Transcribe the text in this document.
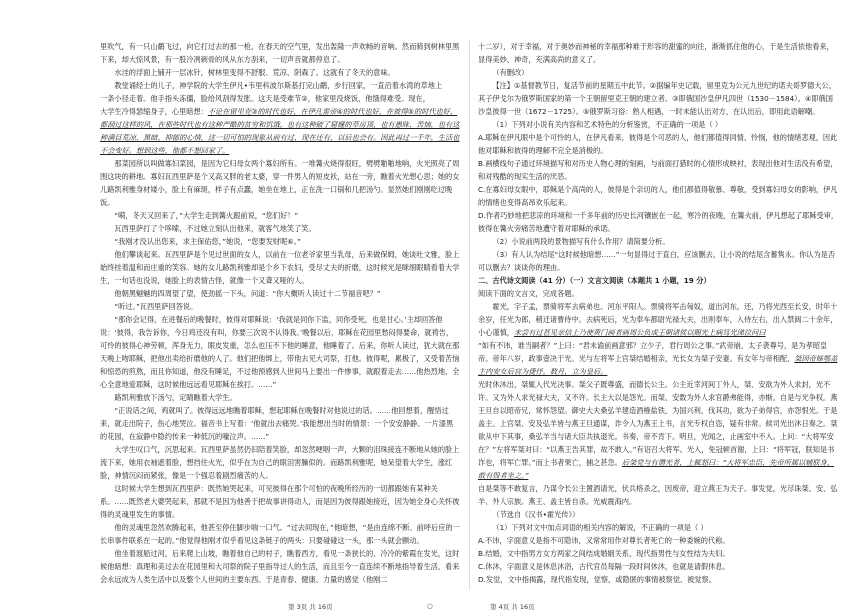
里吹气，有一只山鹬飞过，向它打过去的那一枪，在春天的空气里，发出轰隆一声欢畅的音响。然而骑到树林里黑下来，却大惊风景，有一股冷冽刺骨的风从东方刮来，一切声音就都停息了。

水洼的浮面上铺开一层冰针，树林里变得不舒服、荒凉、阴森了。这就有了冬天的意味。

教堂诵经士的儿子，神学院的大学生伊凡•韦里科波尔斯基打完山鹬，步行回家，一直沿着水湾的草地上

一条小径走着。他手指头冻僵，脸给风刮得发胀。这天是受难节②，他家里没烧饭，他饿得难受。现在，

大学生冷得瑟缩身子，心里暗想：不论在留里克③的时代也好，在伊凡雷帝④的时代也好，在彼得⑤的时代也好，都刮过这样的风，在那些时代也有这种严酷的贫穷和饥饿，也有这种破了窟窿的草房顶，也有愚昧、苦恼，也有这种满目荒凉、黑暗、抑郁的心情，这一切可怕的现象从前有过，现在还有，以后也会有。因此再过一千年，生活也不会变好。想到这些，他都不想回家了。

那菜园所以叫做寡妇菜园，是因为它归母女两个寡妇所有。一堆篝火烧得很旺，劈劈啪啪地响，火光照亮了周围这块的耕地。寡妇瓦西里萨是个又高又胖的老太婆，穿一件男人的短皮袄，站在一旁，瞧着火光想心思；她的女儿路凯利雅身材矮小，脸上有麻斑，样子有点蠢，她坐在地上，正在洗一口锅和几把汤勺。显然她们刚刚吃过晚饭。

“嗬，冬天又回来了，”大学生走到篝火跟前说，“您们好！”

瓦西里萨打了个哆嗦，不过她立刻认出他来，就客气地笑了笑。

“我刚才没认出您来，求主保佑您，”她说，“您要发财呢⑥。”

他们攀谈起来。瓦西里萨是个见过世面的女人，以前在一位老爷家里当乳母，后来做保姆，她谈吐文雅，脸上始终挂着温和而庄重的笑容。她的女儿路凯利雅却是个乡下农妇，受尽丈夫的折磨，这时候光是眯细眼睛看着大学生，一句话也没说，她脸上的表情古怪，就像一个又聋又哑的人。

他朝黑魆魆的四周望了望，使劲摇一下头，问道：“你大概听人读过十二节福音吧？”

“听过。”瓦西里萨回答说。

“那你会记得，在进餐后的晚餐时，彼得对耶稣说：‘我就是同你下监，同你受死，也是甘心。’主却回答他说：‘彼得，我告诉你，今日鸡还没有叫，你要三次说不认得我。’晚餐以后，耶稣在花园里愁闷得要命，就祷告，可怜的彼得心神劳顿，浑身无力，眼皮发重，怎么也压不下他的睡意，他睡着了。后来，你听人读过，犹大就在那天晚上吻耶稣，把他出卖给折磨他的人了。他们把他绑上，带他去见大司祭，打他。彼得呢，累极了，又受着苦恼和惊恐的煎熬，而且你知道，他没有睡足，不过他预感到人世间马上要出一件惨事，就跟着走去……他热烈地、全心全意地爱耶稣，这时候他远远看见耶稣在挨打。……”

路凯利雅放下汤勺，定睛瞧着大学生。

“正说话之间，鸡就叫了。彼得远远地瞧着耶稣，想起耶稣在晚餐时对他说过的话。……他回想着，醒悟过来，就走出院子，伤心地哭泣。福音书上写着：‘他就出去痛哭。’我能想出当时的情景：一个安安静静、一片漆黑的花园，在寂静中隐约传来一种低沉的嚎泣声。……”

大学生叹口气，沉思起来。瓦西里萨虽然仍旧陪着笑脸，却忽然哽咽一声，大颗的泪珠接连不断地从她的脸上流下来，她用衣袖遮着脸，想挡住火光，似乎在为自己的眼泪害臊似的。而路凯利雅呢，她呆望着大学生，涨红脸，神情沉闷而紧张，像是一个强忍着剧烈痛苦的人。

这时候大学生想到瓦西里萨：既然她哭起来，可见彼得在那个可怕的夜晚所经历的一切都跟她有某种关系。……既然老大婆哭起来，那就不是因为他善于把故事讲得动人，而是因为彼得跟她接近，因为她全身心关怀彼得的灵魂里发生的事情。

他的灵魂里忽然欢腾起来，他甚至停住脚步喘一口气。“过去同现在，”他暗想，“是由连绵不断、前呼后应的一长串事件联系在一起的。”他觉得他刚才似乎看见这条链子的两头：只要碰碰这一头，那一头就会颤动。

他坐着渡船过河，后来爬上山坡，瞧着他自己的村子，瞧着西方，看见一条狭长的、冷冷的紫霞在发光，这时候他暗想：真理和美过去在花园里和大司祭的院子里指导过人的生活，而且至今一直连续不断地指导着生活，看来会永远成为人类生活中以及整个人世间的主要东西。于是青春、健康、力量的感觉（他刚二

十二岁），对于幸福，对于奥妙而神秘的幸福那种难于形容的甜蜜的向往，渐渐抓住他的心，于是生活依他看来，显得美妙、神奇，充满高尚的意义了。

（有删改）

【注】①基督教节日，复活节前的星期五中此节。②据编年史记载，留里克为公元九世纪的诺夫哥罗德大公，其子伊戈尔为俄罗斯国家的第一个王朝留里克王朝的建立者。③即俄国沙皇伊凡四世（1530－1584）。④即俄国沙皇彼得一世（1672－1725）。⑤俄罗斯习俗：熟人相遇，一时未能认出对方，在认出后，即用此语解嘲。

（1）下列对小说有关内容和艺术特色的分析鉴赏，不正确的一项是（ ）

A.耶稣在伊凡眼中是个可怜的人，在伊凡看来，彼得是个可恶的人，他们都值得同情、怜悯，他的情绪悲观，因此他对耶稣和彼得的理解不完全是消极的。

B.画横线句子通过环境描写和对历史人物心理的刻画，与前面打猎时的心情形成映衬，表现出他对生活没有希望，和对残酷的现实生活的厌恶。

C.在寡妇母女眼中，耶稣是个高尚的人，彼得是个亲切的人，他们都值得敬慕、尊敬，受到寡妇母女的影响，伊凡的情绪也变得高昂欢乐起来。

D.作者巧妙地把悲凉的环境和一千多年前的历史长河镶嵌在一起，寒冷的夜晚，在篝火前，伊凡想起了耶稣受审，彼得在篝火旁痛苦地遭守着对耶稣的承诺。

（2）小说前两段的景物描写有什么作用？请简要分析。

（3）有人认为结尾“这时候他暗想……”一句显得过于直白，应该删去，让小说的结尾含蓄隽永。你认为是否可以删去？谈谈你的理由。

二、古代诗文阅读（41 分）（一）文言文阅读（本题共 1 小题，19 分）

阅读下面的文言文，完成各题。

霍光，字子孟，票骑将军去病弟也。河东平阳人。票骑将军击匈奴，道出河东，还，乃将光西至长安，时年十余岁，任光为郎，稍迁诸曹侍中。去病死后，光为奉车都尉光禄大夫，出则奉车，入侍左右，出入禁闼二十余年，小心谨慎，未尝有过甚见亲信上乃使黄门画者画周公负成王朝诸侯以赐光上病笃光涕泣问曰

“如有不讳，谁当嗣者？”上曰：“君未谕前画意邪？立少子，君行周公之事。”武帝崩，太子袭尊号，是为孝昭皇帝。帝年八岁，政事壹决于光。光与左将军上官桀结婚相亲，光长女为桀子安妻。有女年与帝相配，桀因帝姊鄂盖主内安女后宫为倢伃，数月，立为皇后。

光时休沐出，桀辄入代光决事。桀父子既尊盛，而德长公主。公主近幸河间丁外人，桀、安欲为外人求封，光不许。又为外人求光禄大夫，又不许。长主大以是怨光。而桀、安数为外人求官爵弗能得，亦惭。自是与光争权。燕王旦自以昭帝兄，常怀怨望。御史大夫桑弘羊建造酒榷盐铁，为国兴利，伐其功，欲为子弟得官，亦怨恨光。于是盖主、上官桀、安及弘羊皆与燕王旦通谋，诈令人为燕王上书，言光专权自恣，疑有非常。候司光出沐日奏之。桀欲从中下其事，桑弘羊当与诸大臣共执退光。书奏，帝不肯下。明旦，光闻之，止画室中不入。上问：“大将军安在？”左将军桀对曰：“以燕王告其罪，故不敢入。”有诏召大将军。光入，免冠顿首谢，上曰：“将军冠，朕知是书诈也，将军亡罪。”而上书者果亡，捕之甚急。后桀党与有谮光者，上辄怒曰：“大将军忠臣，先帝所属以辅朕身，敢有毁者坐之。”

自是桀等不敢复言，乃谋令长公主置酒请光，伏兵格杀之，因废帝，迎立燕王为天子。事发觉，光尽诛桀、安、弘羊、外人宗族。燕王、盖主皆自杀。光威震海内。

（节选自《汉书•霍光传》）

（1）下列对文中加点词语的相关内容的解说，不正确的一项是（ ）

A.不讳，字面意义是指不可隐讳，又常常用作对尊长者死亡的一种委婉的代称。

B.结婚，文中指男方女方两家之间结成婚姻关系，现代指男性与女性结为夫妇。

C.休沐，字面意义是休息沐浴，古代官员每隔一段时间休沐，也就是请假休息。

D.发觉，文中指揭露，现代指发现，觉察，或隐匿的事情被察觉、被觉察。

第 3页 共 16页	○	第 4页 共 16页
